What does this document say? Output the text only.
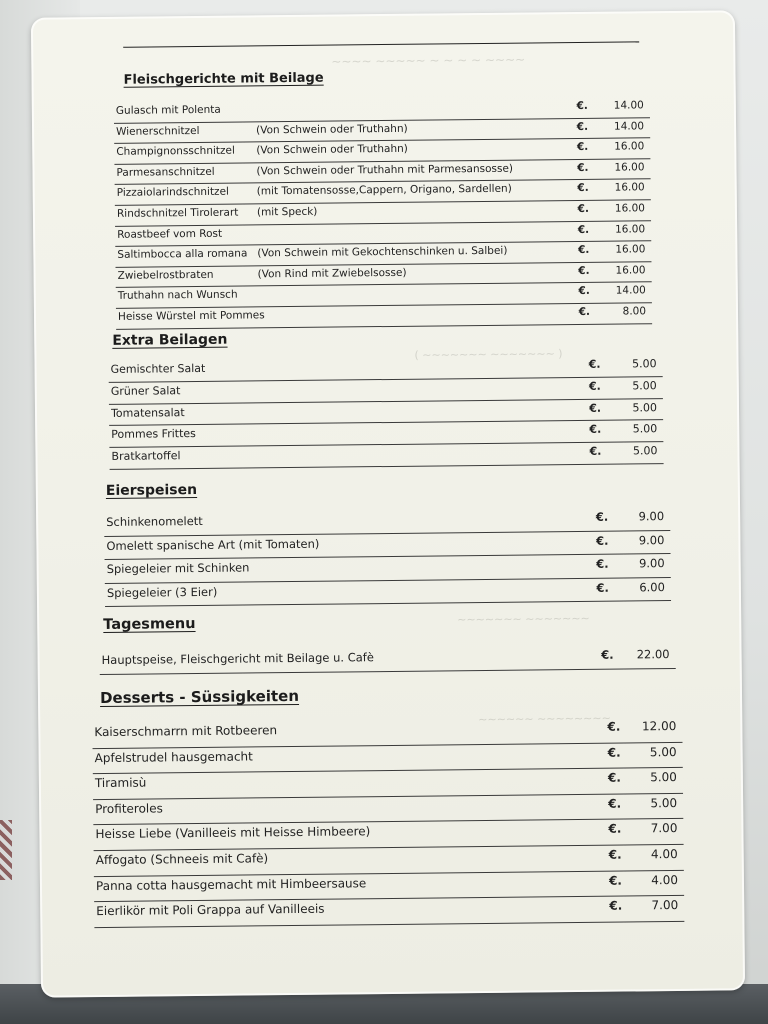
~~~~ ~~~~~ ~ ~ ~ ~ ~~~~
( ~~~~~~~ ~~~~~~~ )
~~~~~~~ ~~~~~~~
~~~~~~ ~~~~~~~~
Fleischgerichte mit Beilage
Gulasch mit Polenta	€. 14.00
Wienerschnitzel	(Von Schwein oder Truthahn)	€. 14.00
Champignonsschnitzel (Von Schwein oder Truthahn)	€. 16.00
Parmesanschnitzel	(Von Schwein oder Truthahn mit Parmesansosse)	€. 16.00
Pizzaiolarindschnitzel	(mit Tomatensosse,Cappern, Origano, Sardellen)	€. 16.00
Rindschnitzel Tirolerart (mit Speck)	€. 16.00
Roastbeef vom Rost	€. 16.00
Saltimbocca alla romana (Von Schwein mit Gekochtenschinken u. Salbei)	€. 16.00
Zwiebelrostbraten	(Von Rind mit Zwiebelsosse)	€. 16.00
Truthahn nach Wunsch	€. 14.00
Heisse Würstel mit Pommes	€.	8.00
Extra Beilagen
Gemischter Salat	€.	5.00
Grüner Salat	€.	5.00
Tomatensalat	€.	5.00
Pommes Frittes	€.	5.00
Bratkartoffel	€.	5.00
Eierspeisen
Schinkenomelett	€.	9.00
Omelett spanische Art (mit Tomaten)	€.	9.00
Spiegeleier mit Schinken	€.	9.00
Spiegeleier (3 Eier)	€.	6.00
Tagesmenu
Hauptspeise, Fleischgericht mit Beilage u. Cafè	€. 22.00
Desserts - Süssigkeiten
Kaiserschmarrn mit Rotbeeren	€. 12.00
Apfelstrudel hausgemacht	€. 5.00
Tiramisù	€. 5.00
Profiteroles	€. 5.00
Heisse Liebe (Vanilleeis mit Heisse Himbeere)	€. 7.00
Affogato (Schneeis mit Cafè)	€. 4.00
Panna cotta hausgemacht mit Himbeersause	€. 4.00
Eierlikör mit Poli Grappa auf Vanilleeis	€. 7.00
